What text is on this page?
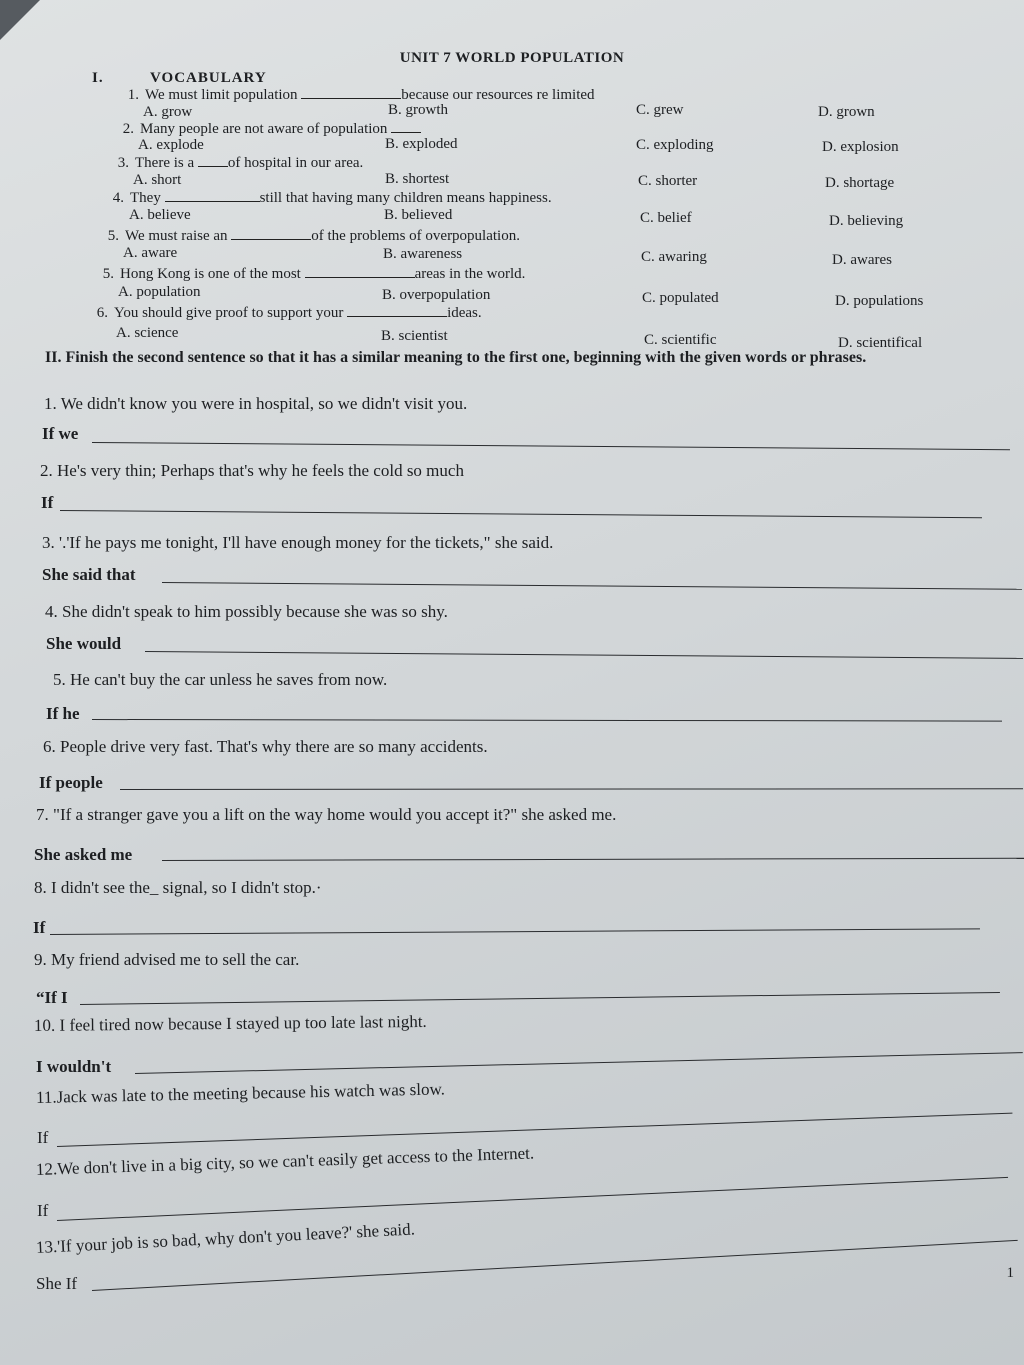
UNIT 7 WORLD POPULATION
I.	VOCABULARY
1. We must limit population	because our resources re limited
A. grow	B. growth	C. grew	D. grown
2. Many people are not aware of population
A. explode	B. exploded	C. exploding	D. explosion
3. There is a of hospital in our area.
A. short	B. shortest	C. shorter	D. shortage
4. They	still that having many children means happiness.
A. believe	B. believed	C. belief	D. believing
5. We must raise an	of the problems of overpopulation.
A. aware	B. awareness	C. awaring	D. awares
5. Hong Kong is one of the most	areas in the world.
A. population	B. overpopulation	C. populated	D. populations
6. You should give proof to support your	ideas.
A. science	B. scientist	C. scientific	D. scientifical
II. Finish the second sentence so that it has a similar meaning to the first one, beginning with the given words or phrases.
1. We didn't know you were in hospital, so we didn't visit you.
If we
2. He's very thin; Perhaps that's why he feels the cold so much
If
3. '.'If he pays me tonight, I'll have enough money for the tickets," she said.
She said that
4. She didn't speak to him possibly because she was so shy.
She would
5. He can't buy the car unless he saves from now.
If he
6. People drive very fast. That's why there are so many accidents.
If people
7. "If a stranger gave you a lift on the way home would you accept it?" she asked me.
She asked me
8. I didn't see the_ signal, so I didn't stop.·
If
9. My friend advised me to sell the car.
“If I
10. I feel tired now because I stayed up too late last night.
I wouldn't
11.Jack was late to the meeting because his watch was slow.
If
12.We don't live in a big city, so we can't easily get access to the Internet.
If
13.'If your job is so bad, why don't you leave?' she said.
She If
1
